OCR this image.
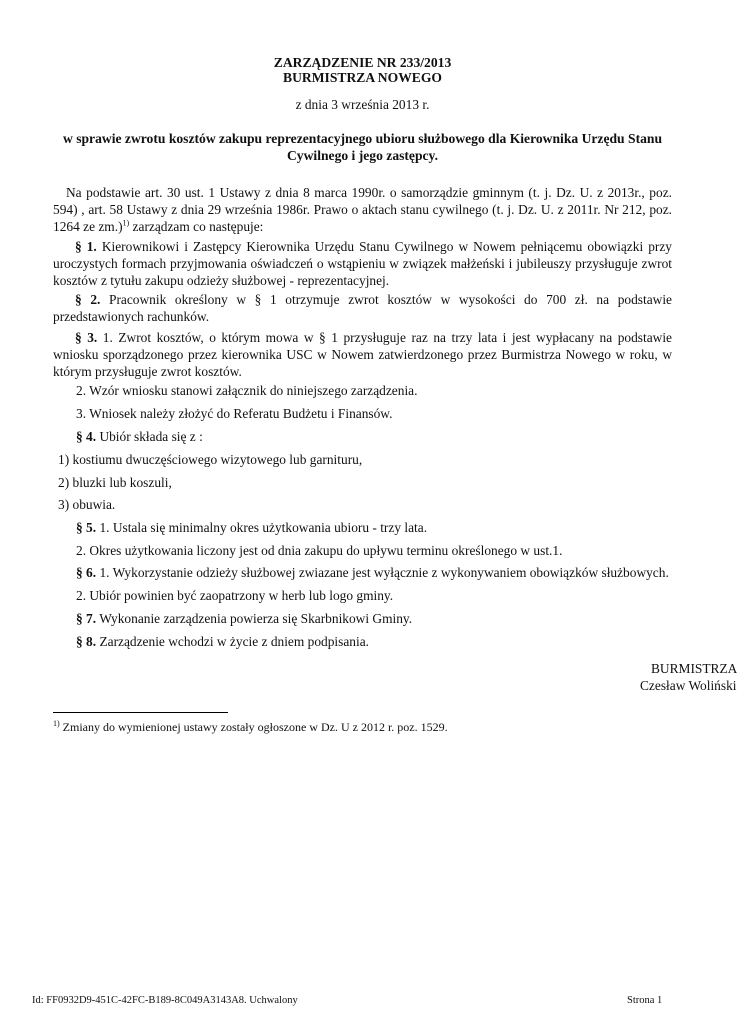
ZARZĄDZENIE NR 233/2013
BURMISTRZA NOWEGO
z dnia 3 września 2013 r.
w sprawie zwrotu kosztów zakupu reprezentacyjnego ubioru służbowego dla Kierownika Urzędu Stanu
Cywilnego i jego zastępcy.
Na podstawie art. 30 ust. 1 Ustawy z dnia 8 marca 1990r. o samorządzie gminnym (t. j. Dz. U. z 2013r., poz. 594) , art. 58 Ustawy z dnia 29 września 1986r. Prawo o aktach stanu cywilnego (t. j. Dz. U. z 2011r. Nr 212, poz. 1264 ze zm.)$^{1)}$ zarządzam co następuje:
§ 1. Kierownikowi i Zastępcy Kierownika Urzędu Stanu Cywilnego w Nowem pełniącemu obowiązki przy uroczystych formach przyjmowania oświadczeń o wstąpieniu w związek małżeński i jubileuszy przysługuje zwrot kosztów z tytułu zakupu odzieży służbowej - reprezentacyjnej.
§ 2. Pracownik określony w § 1 otrzymuje zwrot kosztów w wysokości do 700 zł. na podstawie przedstawionych rachunków.
§ 3. 1. Zwrot kosztów, o którym mowa w § 1 przysługuje raz na trzy lata i jest wypłacany na podstawie wniosku sporządzonego przez kierownika USC w Nowem zatwierdzonego przez Burmistrza Nowego w roku, w którym przysługuje zwrot kosztów.
2. Wzór wniosku stanowi załącznik do niniejszego zarządzenia.
3. Wniosek należy złożyć do Referatu Budżetu i Finansów.
§ 4. Ubiór składa się z :
1) kostiumu dwuczęściowego wizytowego lub garnituru,
2) bluzki lub koszuli,
3) obuwia.
§ 5. 1. Ustala się minimalny okres użytkowania ubioru - trzy lata.
2. Okres użytkowania liczony jest od dnia zakupu do upływu terminu określonego w ust.1.
§ 6. 1. Wykorzystanie odzieży służbowej zwiazane jest wyłącznie z wykonywaniem obowiązków służbowych.
2. Ubiór powinien być zaopatrzony w herb lub logo gminy.
§ 7. Wykonanie zarządzenia powierza się Skarbnikowi Gminy.
§ 8. Zarządzenie wchodzi w życie z dniem podpisania.
BURMISTRZA
Czesław Woliński
$^{1)}$ Zmiany do wymienionej ustawy zostały ogłoszone w Dz. U z 2012 r. poz. 1529.
Id: FF0932D9-451C-42FC-B189-8C049A3143A8. Uchwalony	Strona 1
